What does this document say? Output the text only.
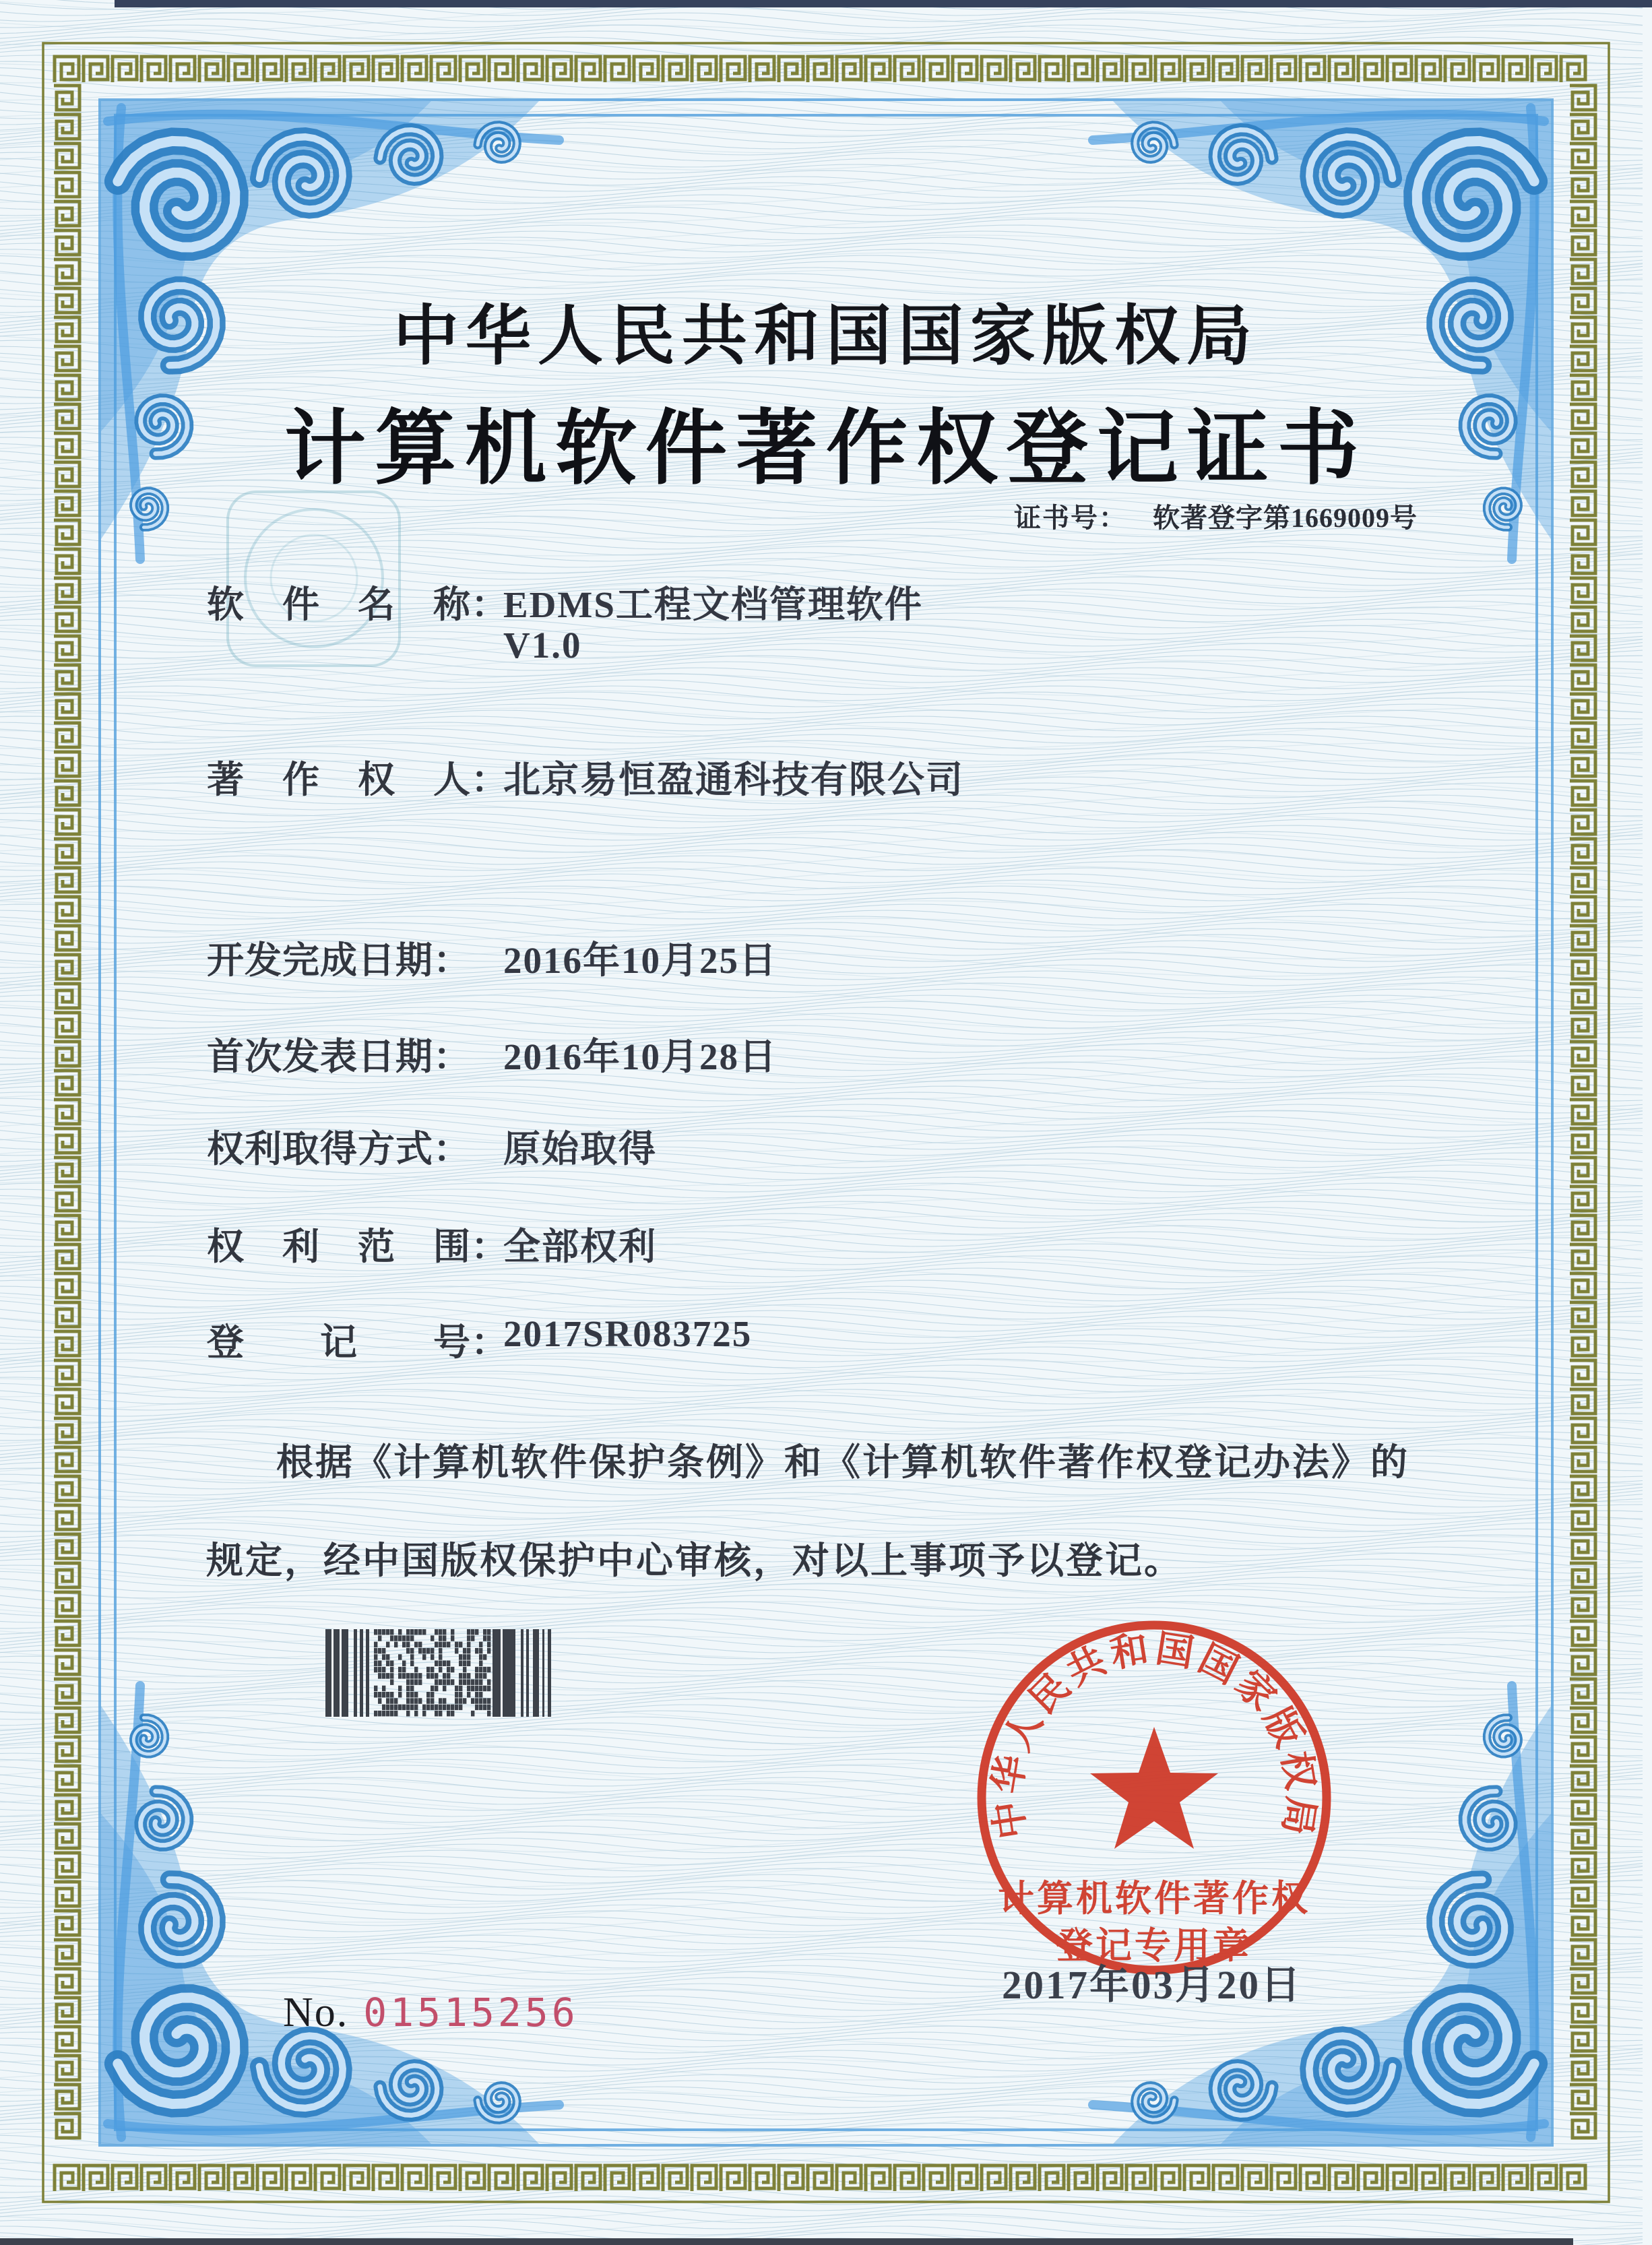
中华人民共和国国家版权局
计算机软件著作权登记证书
证书号： 软著登字第1669009号
软　件　名　称：
EDMS工程文档管理软件
V1.0
著　作　权　人：
北京易恒盈通科技有限公司
开发完成日期： 2016年10月25日
首次发表日期： 2016年10月28日
权利取得方式： 原始取得
权　利　范　围：
全部权利
登　　记　　号：
2017SR083725
根据《计算机软件保护条例》和《计算机软件著作权登记办法》的
规定，经中国版权保护中心审核，对以上事项予以登记。
中华人民共和国国家版权局
计算机软件著作权
登记专用章
2017年03月20日
No. 01515256
